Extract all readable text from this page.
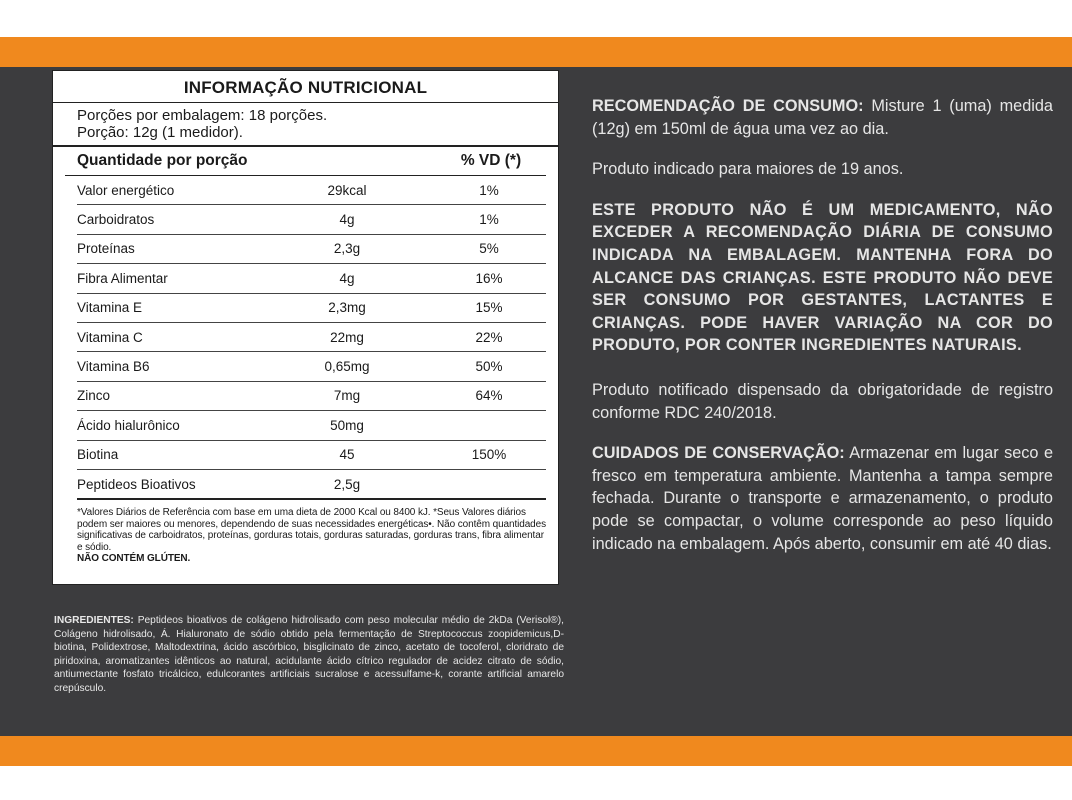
INFORMAÇÃO NUTRICIONAL
Porções por embalagem: 18 porções.
Porção: 12g (1 medidor).
Quantidade por porção	% VD (*)
Valor energético	29kcal	1%
Carboidratos	4g	1%
Proteínas	2,3g	5%
Fibra Alimentar	4g	16%
Vitamina E	2,3mg	15%
Vitamina C	22mg	22%
Vitamina B6	0,65mg	50%
Zinco	7mg	64%
Ácido hialurônico	50mg
Biotina	45	150%
Peptideos Bioativos	2,5g
*Valores Diários de Referência com base em uma dieta de 2000 Kcal ou 8400 kJ. *Seus Valores diários podem ser maiores ou menores, dependendo de suas necessidades energéticas•. Não contêm quantidades significativas de carboidratos, proteínas, gorduras totais, gorduras saturadas, gorduras trans, fibra alimentar e sódio.
NÃO CONTÉM GLÚTEN.
INGREDIENTES: Peptideos bioativos de colágeno hidrolisado com peso molecular médio de 2kDa (Verisol®), Colágeno hidrolisado, Á. Hialuronato de sódio obtido pela fermentação de Streptococcus zoopidemicus,D-biotina, Polidextrose, Maltodextrina, ácido ascórbico, bisglicinato de zinco, acetato de tocoferol, cloridrato de piridoxina, aromatizantes idênticos ao natural, acidulante ácido cítrico regulador de acidez citrato de sódio, antiumectante fosfato tricálcico, edulcorantes artificiais sucralose e acessulfame-k, corante artificial amarelo crepúsculo.

RECOMENDAÇÃO DE CONSUMO: Misture 1 (uma) medida (12g) em 150ml de água uma vez ao dia.

Produto indicado para maiores de 19 anos.

ESTE PRODUTO NÃO É UM MEDICAMENTO, NÃO EXCEDER A RECOMENDAÇÃO DIÁRIA DE CONSUMO INDICADA NA EMBALAGEM. MANTENHA FORA DO ALCANCE DAS CRIANÇAS. ESTE PRODUTO NÃO DEVE SER CONSUMO POR GESTANTES, LACTANTES E CRIANÇAS. PODE HAVER VARIAÇÃO NA COR DO PRODUTO, POR CONTER INGREDIENTES NATURAIS.

Produto notificado dispensado da obrigatoridade de registro conforme RDC 240/2018.

CUIDADOS DE CONSERVAÇÃO: Armazenar em lugar seco e fresco em temperatura ambiente. Mantenha a tampa sempre fechada. Durante o transporte e armazenamento, o produto pode se compactar, o volume corresponde ao peso líquido indicado na embalagem. Após aberto, consumir em até 40 dias.
